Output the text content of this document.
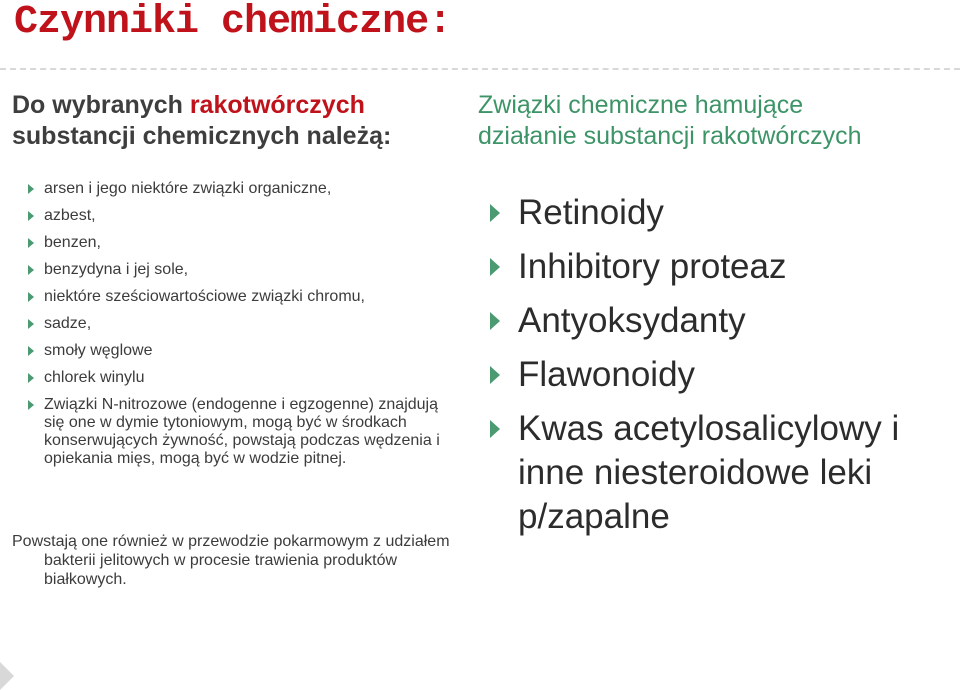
Czynniki chemiczne:
Do wybranych rakotwórczych
substancji chemicznych należą:
Związki chemiczne hamujące
działanie substancji rakotwórczych
arsen i jego niektóre związki organiczne,
azbest,
benzen,
benzydyna i jej sole,
niektóre sześciowartościowe związki chromu,
sadze,
smoły węglowe
chlorek winylu
Związki N-nitrozowe (endogenne i egzogenne) znajdują się one w dymie tytoniowym, mogą być w środkach konserwujących żywność, powstają podczas wędzenia i opiekania mięs, mogą być w wodzie pitnej.
Powstają one również w przewodzie pokarmowym z udziałem bakterii jelitowych w procesie trawienia produktów białkowych.
Retinoidy
Inhibitory proteaz
Antyoksydanty
Flawonoidy
Kwas acetylosalicylowy i inne niesteroidowe leki p/zapalne
